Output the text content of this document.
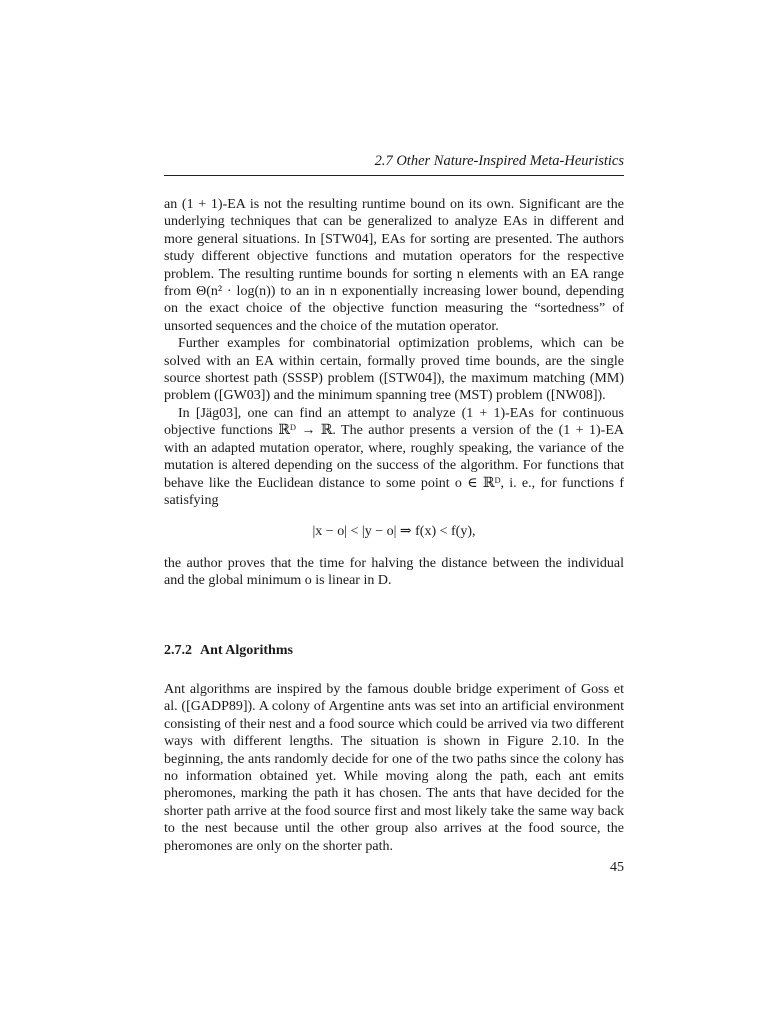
2.7 Other Nature-Inspired Meta-Heuristics

an (1 + 1)-EA is not the resulting runtime bound on its own. Significant are the underlying techniques that can be generalized to analyze EAs in different and more general situations. In [STW04], EAs for sorting are presented. The authors study different objective functions and mutation operators for the respective problem. The resulting runtime bounds for sorting n elements with an EA range from Θ(n² · log(n)) to an in n exponentially increasing lower bound, depending on the exact choice of the objective function measuring the “sortedness” of unsorted sequences and the choice of the mutation operator.

Further examples for combinatorial optimization problems, which can be solved with an EA within certain, formally proved time bounds, are the single source shortest path (SSSP) problem ([STW04]), the maximum matching (MM) problem ([GW03]) and the minimum spanning tree (MST) problem ([NW08]).

In [Jäg03], one can find an attempt to analyze (1 + 1)-EAs for continuous objective functions ℝᴰ → ℝ. The author presents a version of the (1 + 1)-EA with an adapted mutation operator, where, roughly speaking, the variance of the mutation is altered depending on the success of the algorithm. For functions that behave like the Euclidean distance to some point o ∈ ℝᴰ, i. e., for functions f satisfying

|x − o| < |y − o| ⇒ f(x) < f(y),

the author proves that the time for halving the distance between the individual and the global minimum o is linear in D.

2.7.2 Ant Algorithms

Ant algorithms are inspired by the famous double bridge experiment of Goss et al. ([GADP89]). A colony of Argentine ants was set into an artificial environment consisting of their nest and a food source which could be arrived via two different ways with different lengths. The situation is shown in Figure 2.10. In the beginning, the ants randomly decide for one of the two paths since the colony has no information obtained yet. While moving along the path, each ant emits pheromones, marking the path it has chosen. The ants that have decided for the shorter path arrive at the food source first and most likely take the same way back to the nest because until the other group also arrives at the food source, the pheromones are only on the shorter path.

45
